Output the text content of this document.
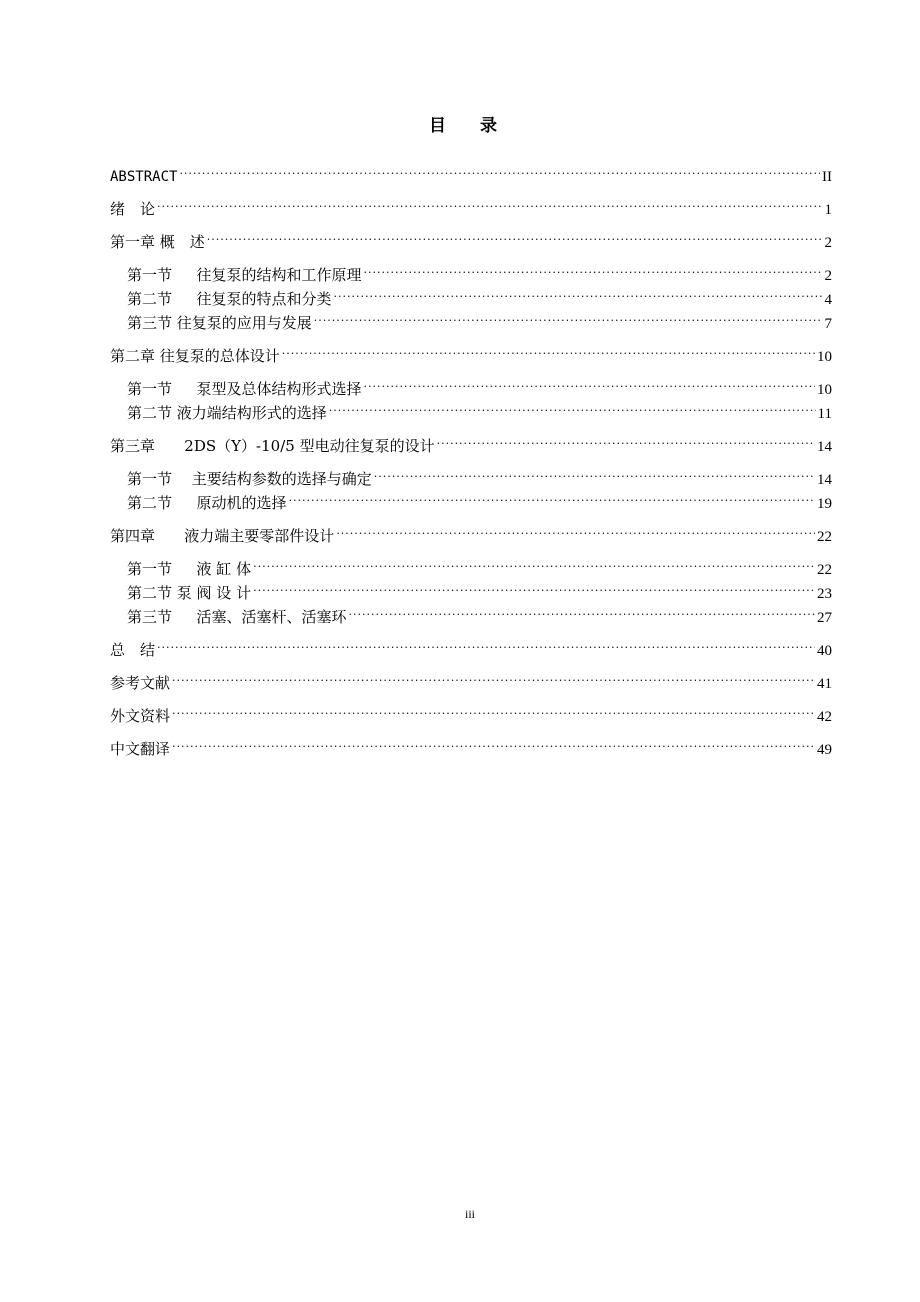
目 录
ABSTRACT .....	II
绪　论 .....	1
第一章 概　述 .....	2
第一节　  往复泵的结构和工作原理 .....	2
第二节　  往复泵的特点和分类 .....	4
第三节 往复泵的应用与发展 .....	7
第二章 往复泵的总体设计 .....	10
第一节　  泵型及总体结构形式选择 .....	10
第二节 液力端结构形式的选择 .....	11
第三章　   2DS（Y）-10/5 型电动往复泵的设计 .....	14
第一节　 主要结构参数的选择与确定 .....	14
第二节　  原动机的选择 .....	19
第四章　   液力端主要零部件设计 .....	22
第一节　  液 缸 体 .....	22
第二节 泵 阀 设 计 .....	23
第三节　  活塞、活塞杆、活塞环 .....	27
总　结 .....	40
参考文献 .....	41
外文资料 .....	42
中文翻译 .....	49
iii
